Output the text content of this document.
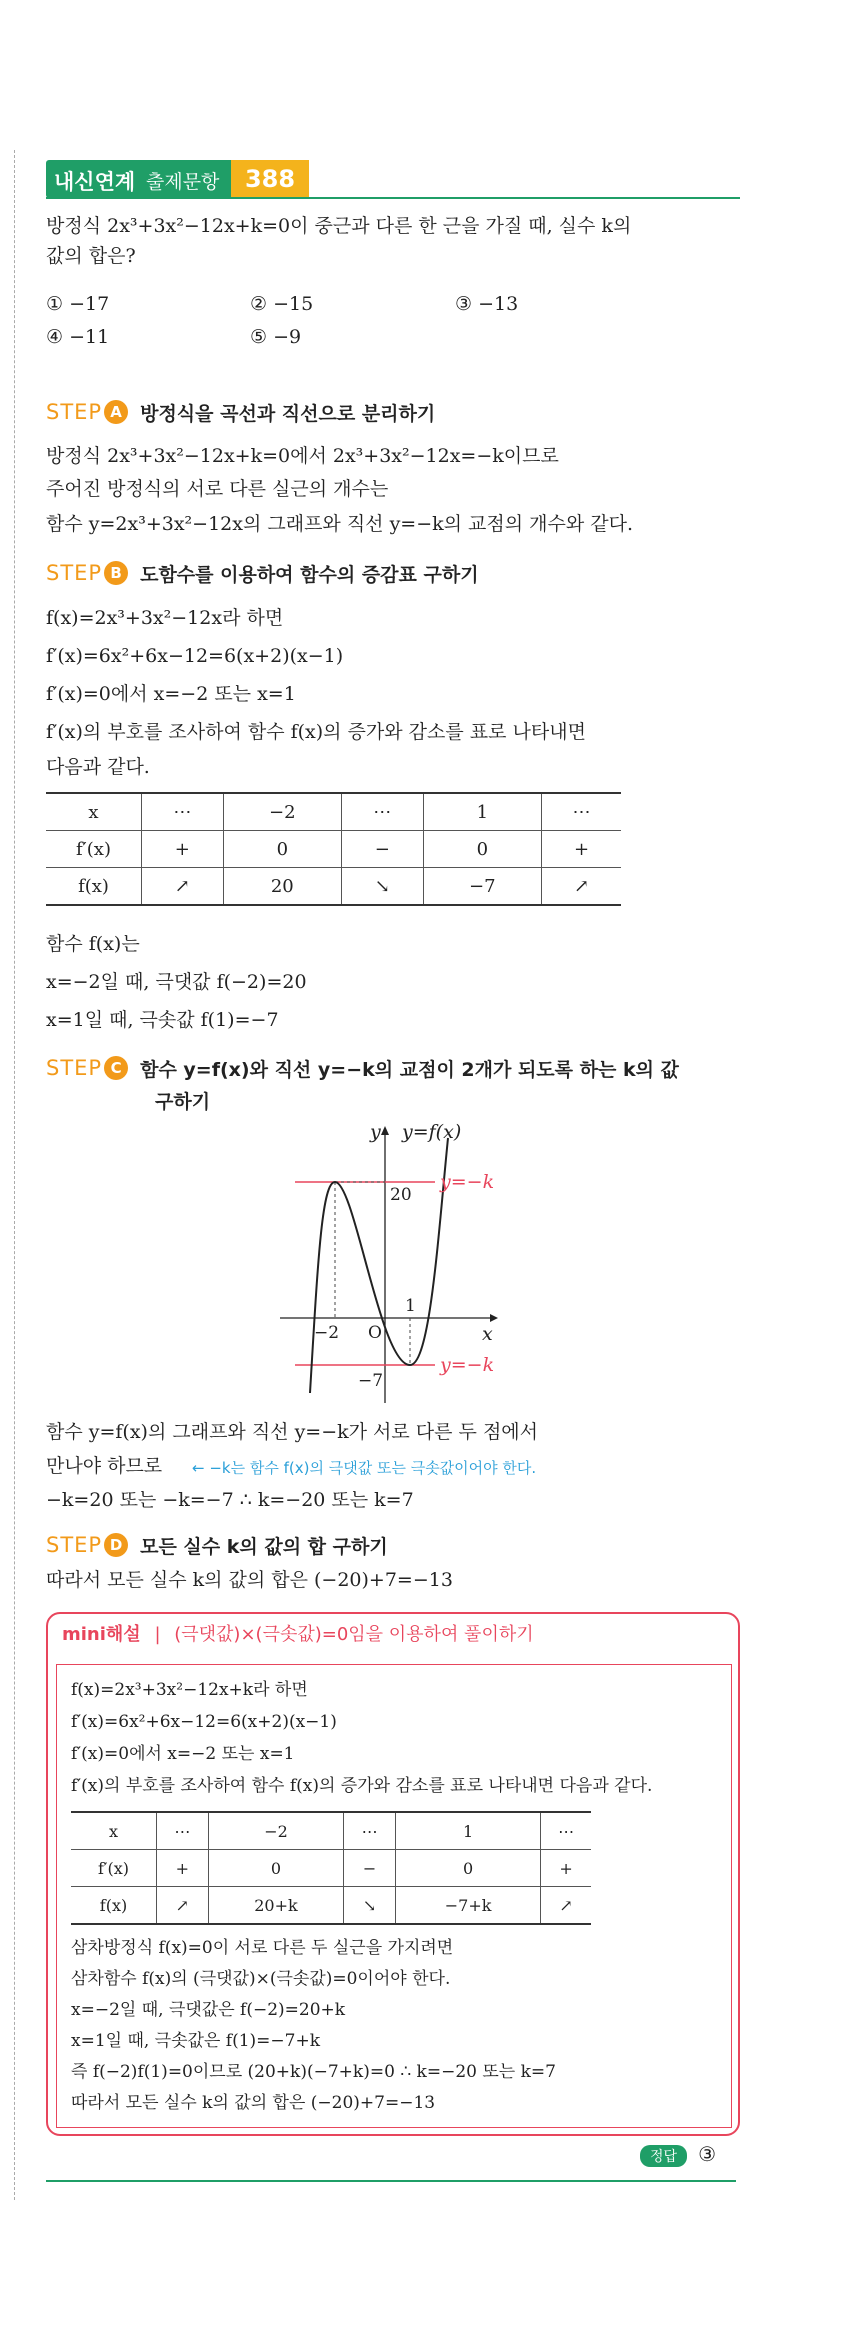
내신연계 출제문항	388
방정식 2x³+3x²−12x+k=0이 중근과 다른 한 근을 가질 때, 실수 k의
값의 합은?
① −17	② −15	③ −13
④ −11	⑤ −9
STEP A 방정식을 곡선과 직선으로 분리하기
방정식 2x³+3x²−12x+k=0에서 2x³+3x²−12x=−k이므로
주어진 방정식의 서로 다른 실근의 개수는
함수 y=2x³+3x²−12x의 그래프와 직선 y=−k의 교점의 개수와 같다.
STEP B 도함수를 이용하여 함수의 증감표 구하기
f(x)=2x³+3x²−12x라 하면
f′(x)=6x²+6x−12=6(x+2)(x−1)
f′(x)=0에서 x=−2 또는 x=1
f′(x)의 부호를 조사하여 함수 f(x)의 증가와 감소를 표로 나타내면
다음과 같다.
x	⋯	−2	⋯	1	⋯
f′(x)	+	0	−	0	+
f(x)	↗	20	↘	−7	↗
함수 f(x)는
x=−2일 때, 극댓값 f(−2)=20
x=1일 때, 극솟값 f(1)=−7
STEP C 함수 y=f(x)와 직선 y=−k의 교점이 2개가 되도록 하는 k의 값
구하기
y y=f(x)
y=−k
y=−k
20
−7
−2 O
1
x
함수 y=f(x)의 그래프와 직선 y=−k가 서로 다른 두 점에서
만나야 하므로 ← −k는 함수 f(x)의 극댓값 또는 극솟값이어야 한다.
−k=20 또는 −k=−7 ∴ k=−20 또는 k=7
STEP D 모든 실수 k의 값의 합 구하기
mini해설 | (극댓값)×(극솟값)=0임을 이용하여 풀이하기
f(x)=2x³+3x²−12x+k라 하면
f′(x)=6x²+6x−12=6(x+2)(x−1)
f′(x)=0에서 x=−2 또는 x=1
f′(x)의 부호를 조사하여 함수 f(x)의 증가와 감소를 표로 나타내면 다음과 같다.
x	⋯	−2	⋯	1	⋯
f′(x)	+	0	−	0	+
f(x)	↗	20+k	↘	−7+k	↗
삼차방정식 f(x)=0이 서로 다른 두 실근을 가지려면
삼차함수 f(x)의 (극댓값)×(극솟값)=0이어야 한다.
x=−2일 때, 극댓값은 f(−2)=20+k
x=1일 때, 극솟값은 f(1)=−7+k
즉 f(−2)f(1)=0이므로 (20+k)(−7+k)=0 ∴ k=−20 또는 k=7
따라서 모든 실수 k의 값의 합은 (−20)+7=−13
따라서 모든 실수 k의 값의 합은 (−20)+7=−13
정답 ③
